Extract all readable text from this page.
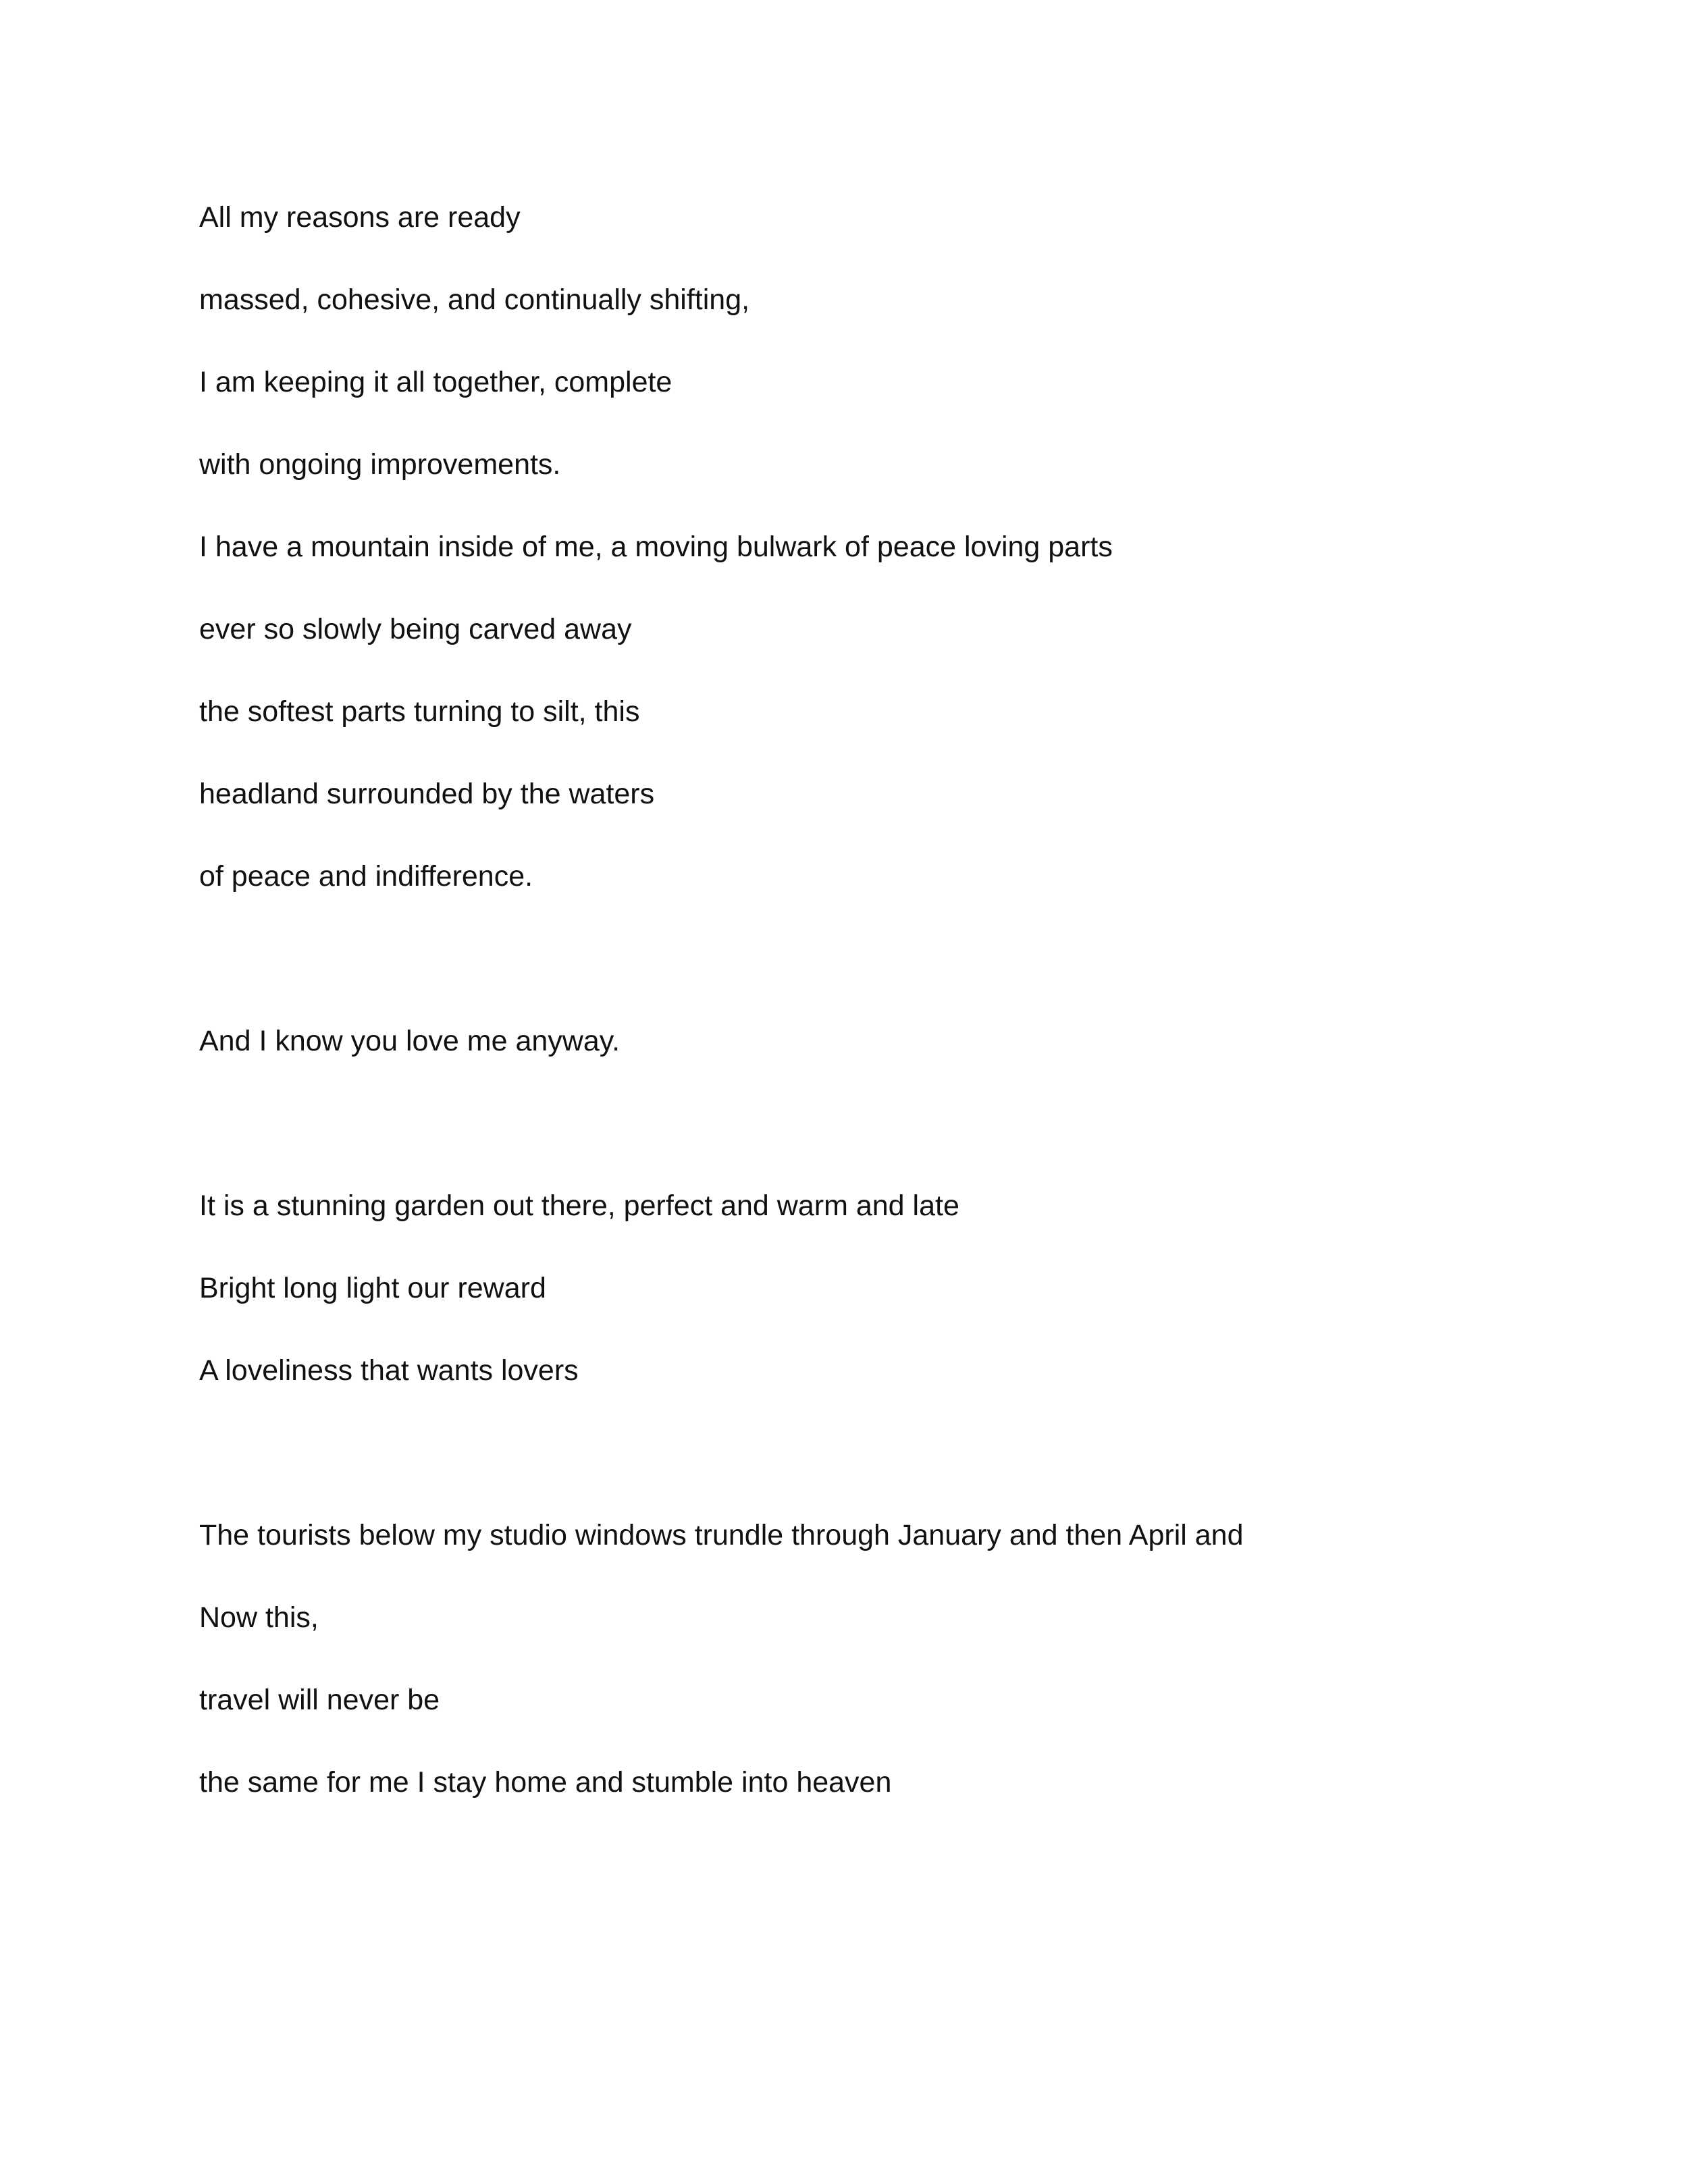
All my reasons are ready

massed, cohesive, and continually shifting,

I am keeping it all together, complete

with ongoing improvements.

I have a mountain inside of me, a moving bulwark of peace loving parts

ever so slowly being carved away

the softest parts turning to silt, this

headland surrounded by the waters

of peace and indifference.

And I know you love me anyway.

It is a stunning garden out there, perfect and warm and late

Bright long light our reward

A loveliness that wants lovers

The tourists below my studio windows trundle through January and then April and

Now this,

travel will never be

the same for me I stay home and stumble into heaven
